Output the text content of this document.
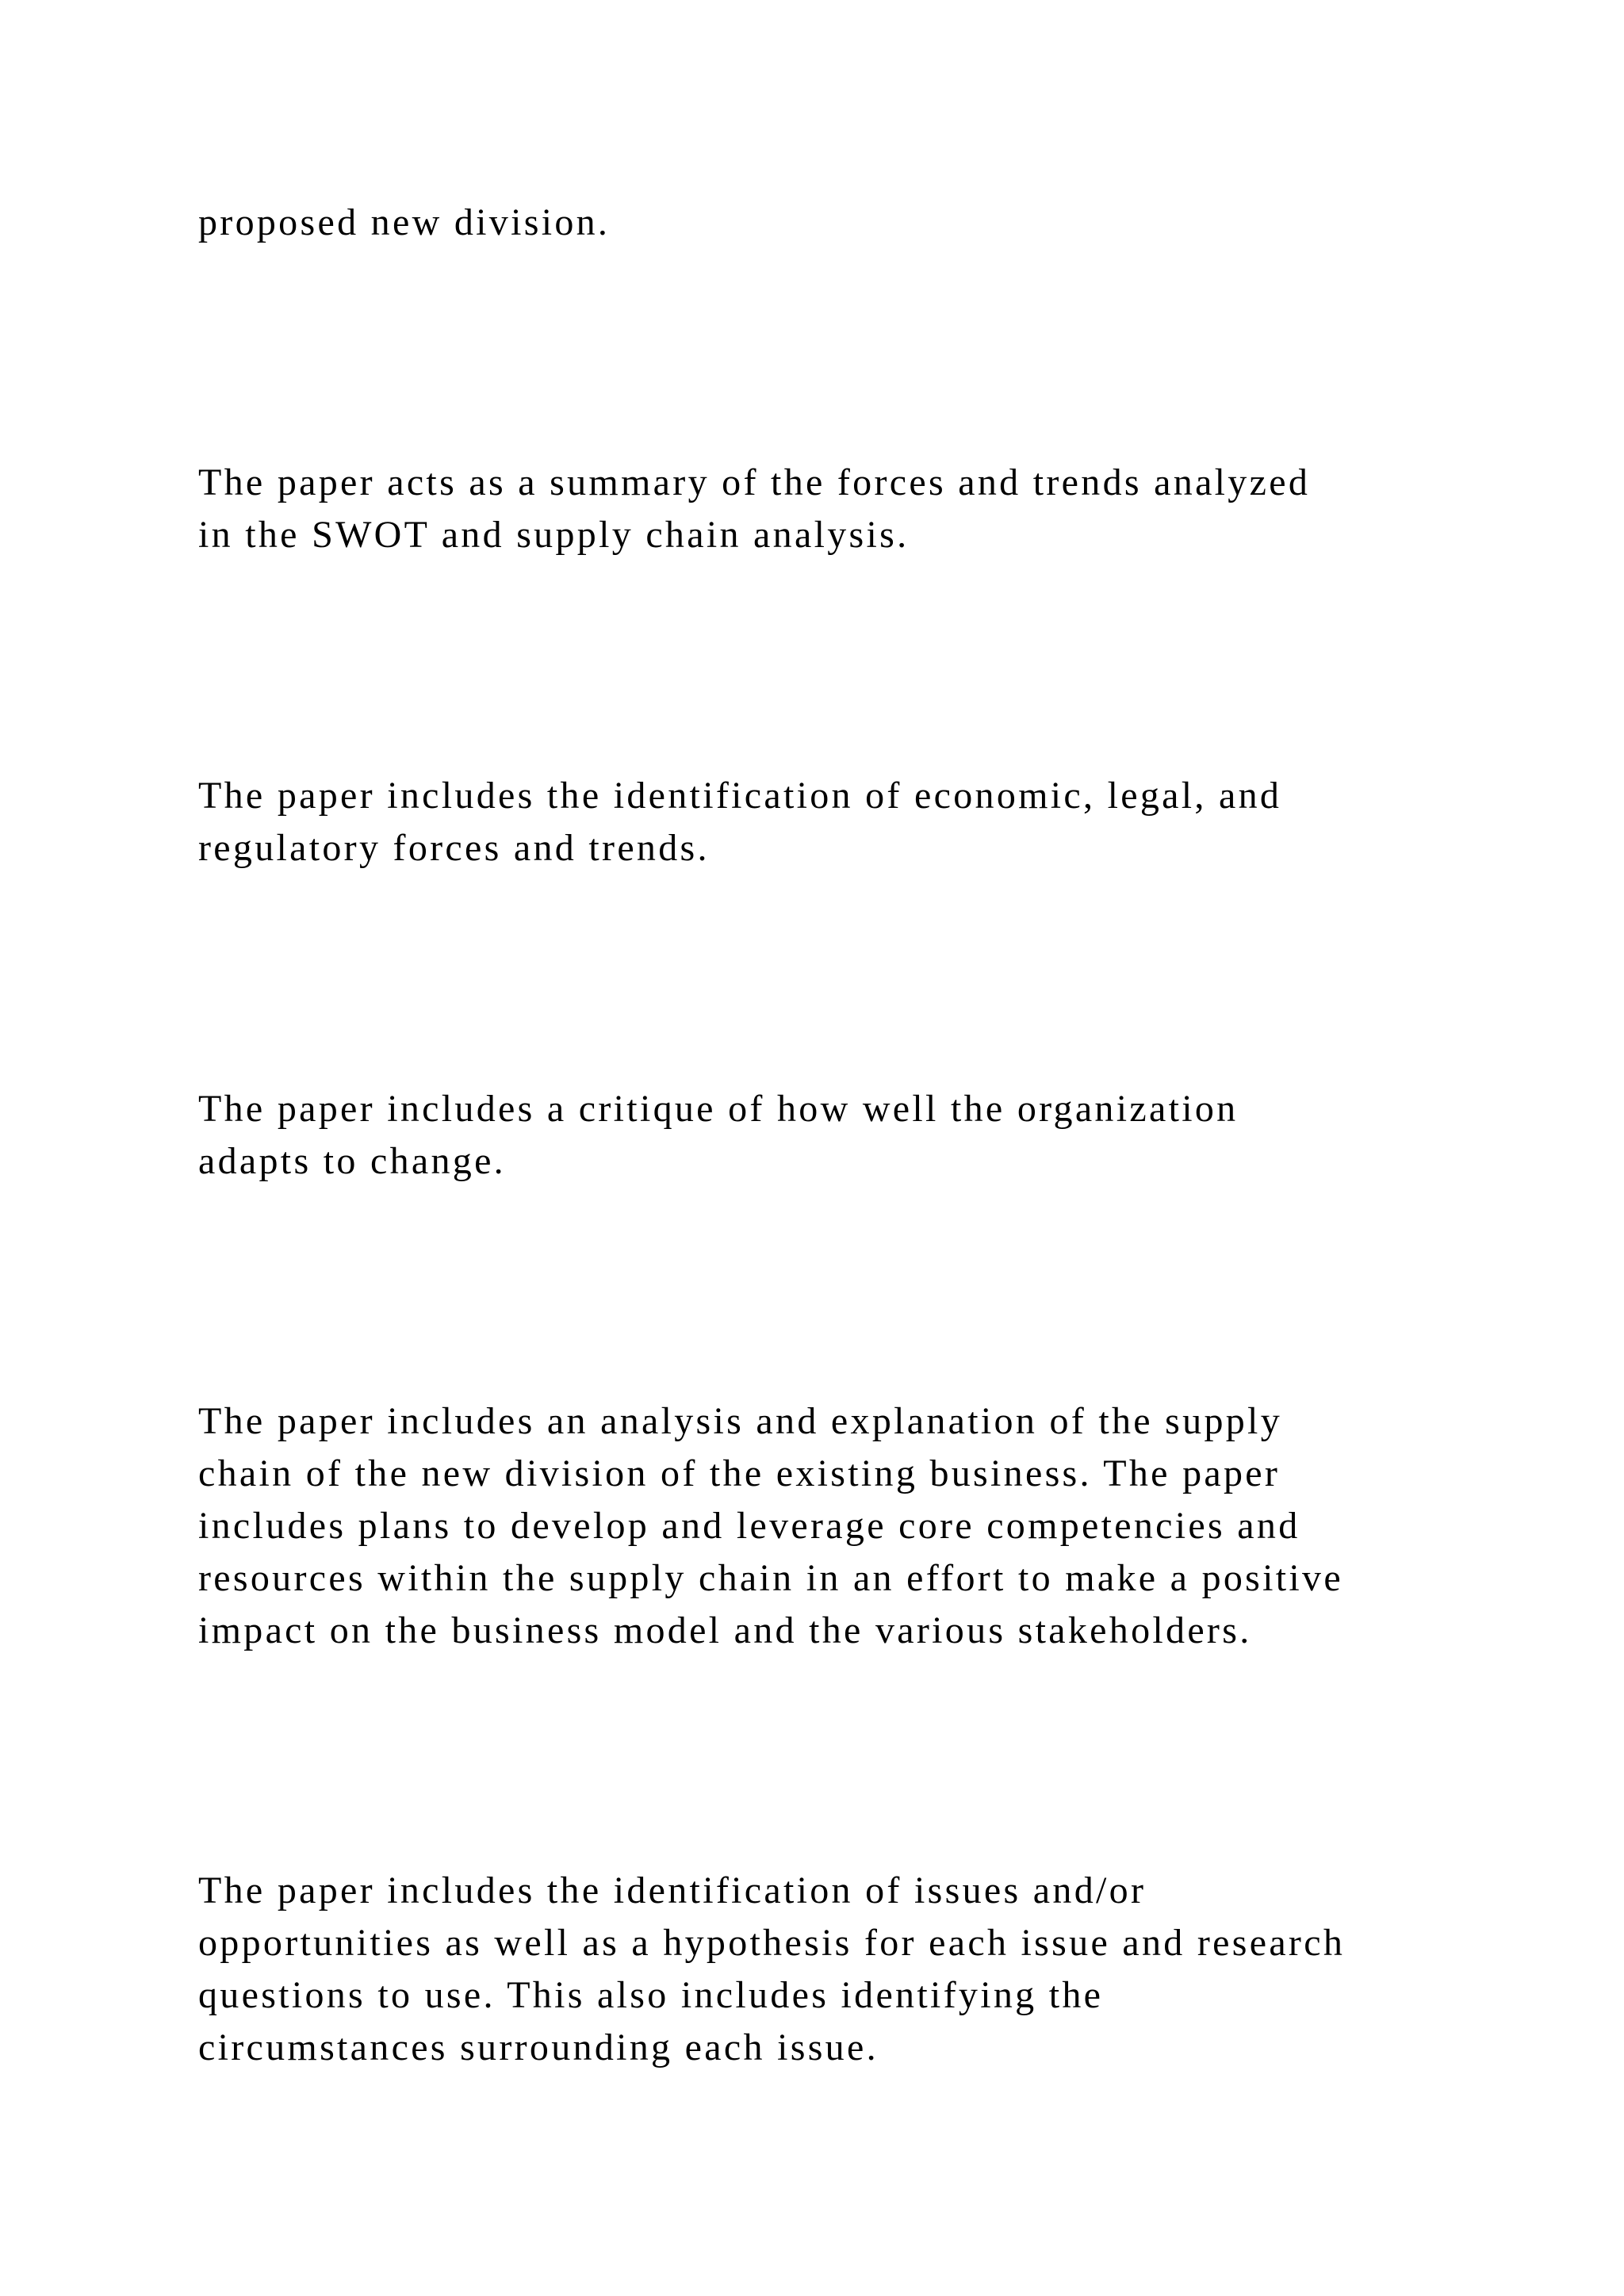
proposed new division.

The paper acts as a summary of the forces and trends analyzed
in the SWOT and supply chain analysis.

The paper includes the identification of economic, legal, and
regulatory forces and trends.

The paper includes a critique of how well the organization
adapts to change.

The paper includes an analysis and explanation of the supply
chain of the new division of the existing business. The paper
includes plans to develop and leverage core competencies and
resources within the supply chain in an effort to make a positive
impact on the business model and the various stakeholders.

The paper includes the identification of issues and/or
opportunities as well as a hypothesis for each issue and research
questions to use. This also includes identifying the
circumstances surrounding each issue.
